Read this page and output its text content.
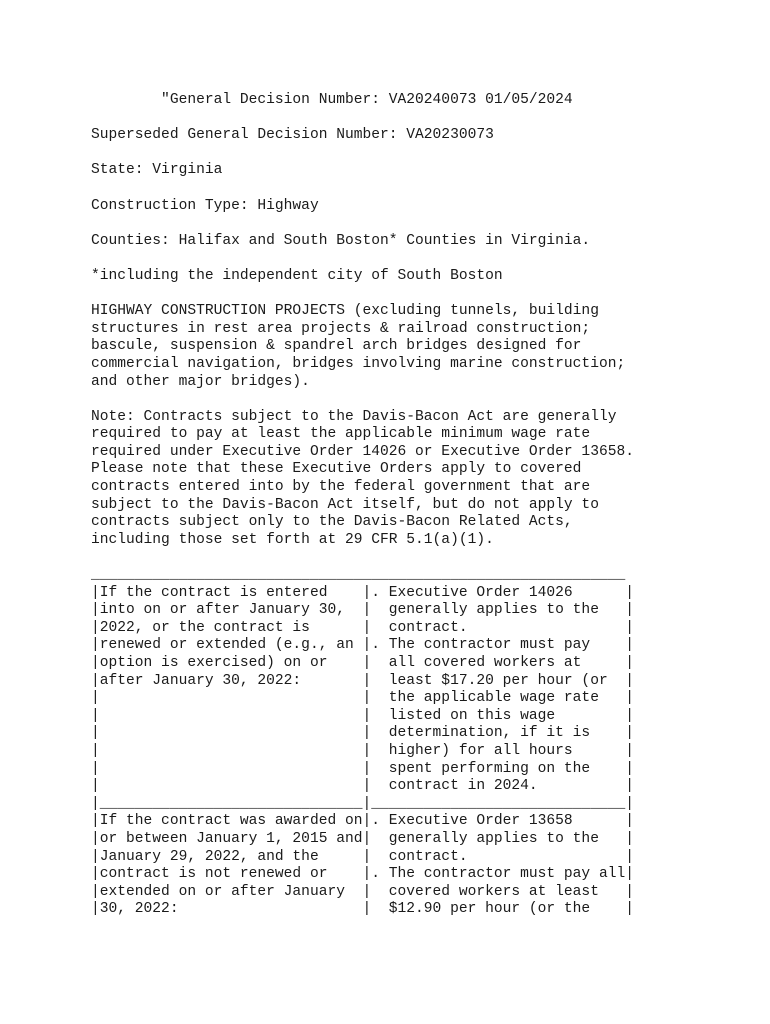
"General Decision Number: VA20240073 01/05/2024

Superseded General Decision Number: VA20230073

State: Virginia

Construction Type: Highway

Counties: Halifax and South Boston* Counties in Virginia.

*including the independent city of South Boston

HIGHWAY CONSTRUCTION PROJECTS (excluding tunnels, building
structures in rest area projects & railroad construction;
bascule, suspension & spandrel arch bridges designed for
commercial navigation, bridges involving marine construction;
and other major bridges).

Note: Contracts subject to the Davis-Bacon Act are generally
required to pay at least the applicable minimum wage rate
required under Executive Order 14026 or Executive Order 13658.
Please note that these Executive Orders apply to covered
contracts entered into by the federal government that are
subject to the Davis-Bacon Act itself, but do not apply to
contracts subject only to the Davis-Bacon Related Acts,
including those set forth at 29 CFR 5.1(a)(1).

_____________________________________________________________
|If the contract is entered    |. Executive Order 14026      |
|into on or after January 30,  |  generally applies to the   |
|2022, or the contract is      |  contract.                  |
|renewed or extended (e.g., an |. The contractor must pay    |
|option is exercised) on or    |  all covered workers at     |
|after January 30, 2022:       |  least $17.20 per hour (or  |
|                              |  the applicable wage rate   |
|                              |  listed on this wage        |
|                              |  determination, if it is    |
|                              |  higher) for all hours      |
|                              |  spent performing on the    |
|                              |  contract in 2024.          |
|______________________________|_____________________________|
|If the contract was awarded on|. Executive Order 13658      |
|or between January 1, 2015 and|  generally applies to the   |
|January 29, 2022, and the     |  contract.                  |
|contract is not renewed or    |. The contractor must pay all|
|extended on or after January  |  covered workers at least   |
|30, 2022:                     |  $12.90 per hour (or the    |
